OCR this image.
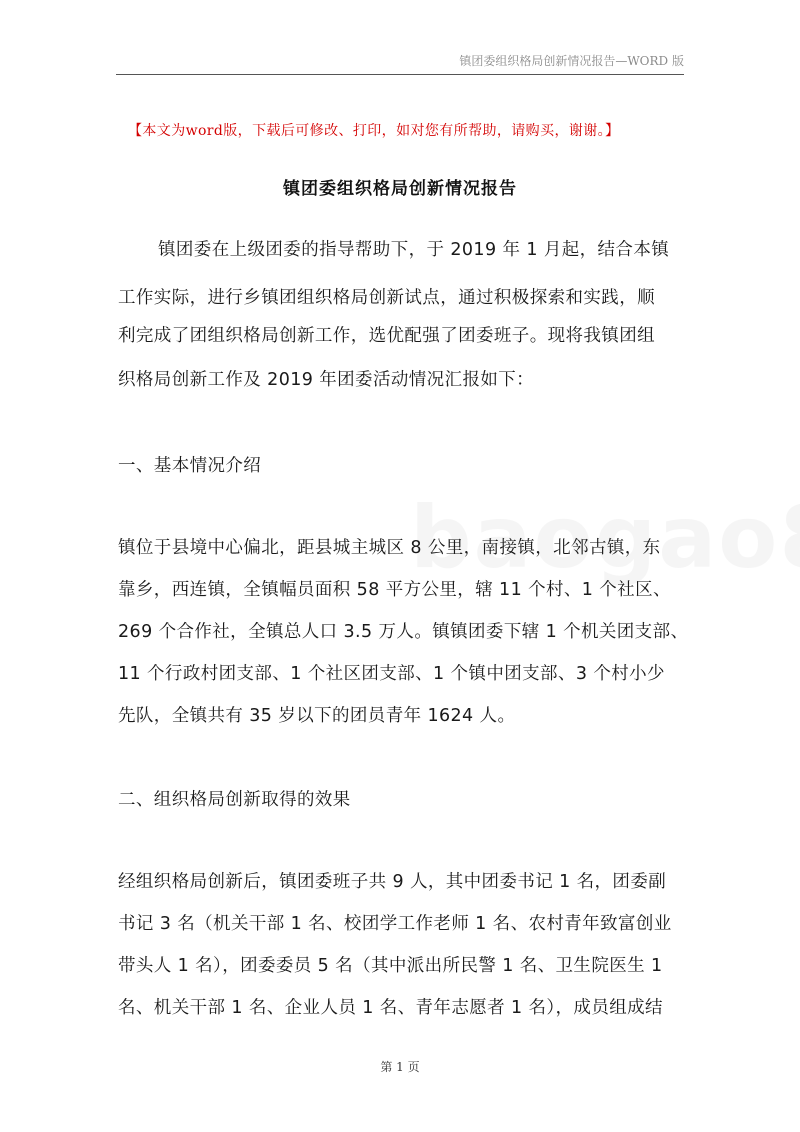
镇团委组织格局创新情况报告—WORD 版
【本文为word版，下载后可修改、打印，如对您有所帮助，请购买，谢谢。】
镇团委组织格局创新情况报告
镇团委在上级团委的指导帮助下，于 2019 年 1 月起，结合本镇
工作实际，进行乡镇团组织格局创新试点，通过积极探索和实践，顺
利完成了团组织格局创新工作，选优配强了团委班子。现将我镇团组
织格局创新工作及 2019 年团委活动情况汇报如下：
一、基本情况介绍
镇位于县境中心偏北，距县城主城区 8 公里，南接镇，北邻古镇，东
靠乡，西连镇，全镇幅员面积 58 平方公里，辖 11 个村、1 个社区、
269 个合作社，全镇总人口 3.5 万人。镇镇团委下辖 1 个机关团支部、
11 个行政村团支部、1 个社区团支部、1 个镇中团支部、3 个村小少
先队，全镇共有 35 岁以下的团员青年 1624 人。
二、组织格局创新取得的效果
经组织格局创新后，镇团委班子共 9 人，其中团委书记 1 名，团委副
书记 3 名（机关干部 1 名、校团学工作老师 1 名、农村青年致富创业
带头人 1 名），团委委员 5 名（其中派出所民警 1 名、卫生院医生 1
名、机关干部 1 名、企业人员 1 名、青年志愿者 1 名），成员组成结
第 1 页
